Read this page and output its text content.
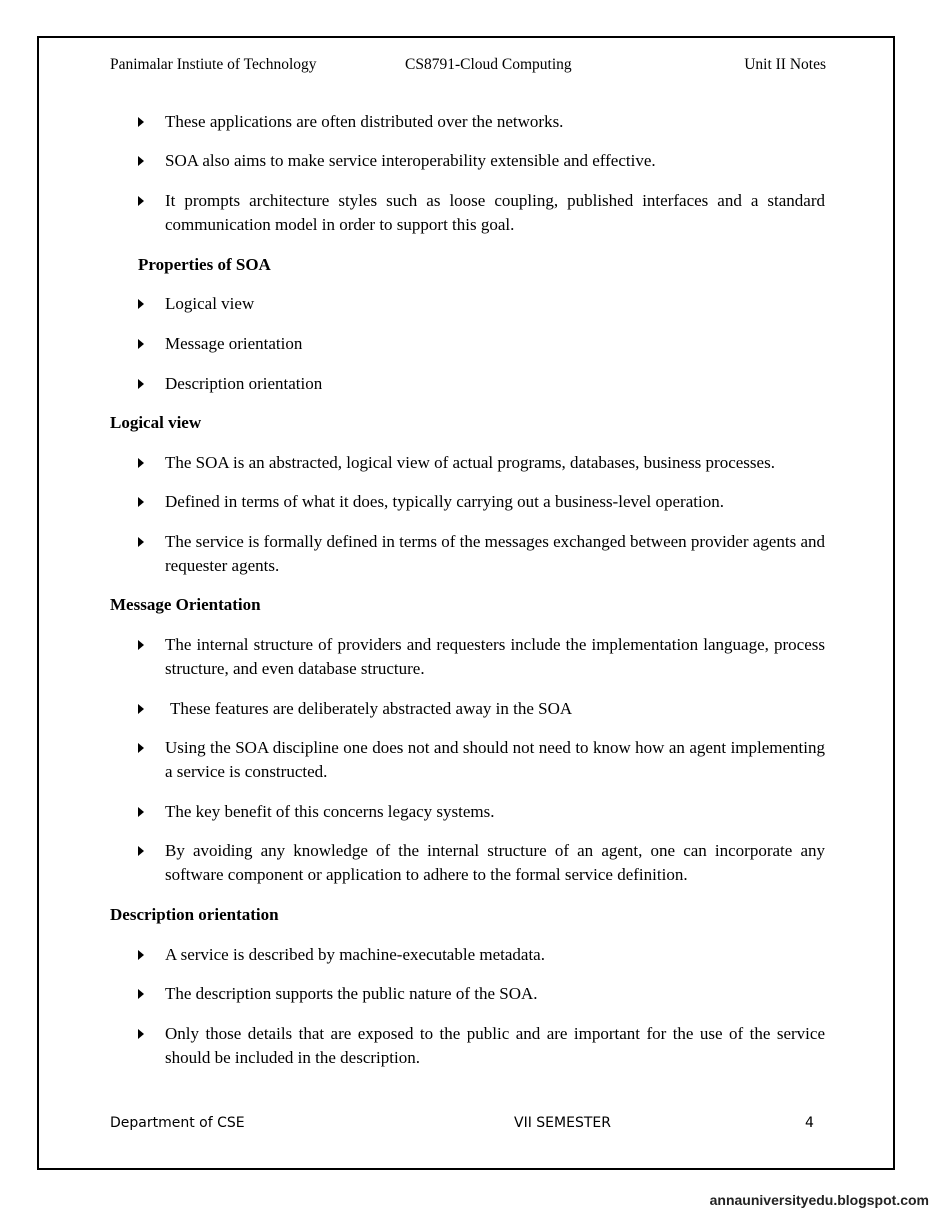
Panimalar Instiute of Technology	CS8791-Cloud Computing	Unit II Notes
These applications are often distributed over the networks.
SOA also aims to make service interoperability extensible and effective.
It prompts architecture styles such as loose coupling, published interfaces and a standard communication model in order to support this goal.
Properties of SOA
Logical view
Message orientation
Description orientation
Logical view
The SOA is an abstracted, logical view of actual programs, databases, business processes.
Defined in terms of what it does, typically carrying out a business-level operation.
The service is formally defined in terms of the messages exchanged between provider agents and requester agents.
Message Orientation
The internal structure of providers and requesters include the implementation language, process structure, and even database structure.
These features are deliberately abstracted away in the SOA
Using the SOA discipline one does not and should not need to know how an agent implementing a service is constructed.
The key benefit of this concerns legacy systems.
By avoiding any knowledge of the internal structure of an agent, one can incorporate any software component or application to adhere to the formal service definition.
Description orientation
A service is described by machine-executable metadata.
The description supports the public nature of the SOA.
Only those details that are exposed to the public and are important for the use of the service should be included in the description.
Department of CSE	VII SEMESTER	4
annauniversityedu.blogspot.com
